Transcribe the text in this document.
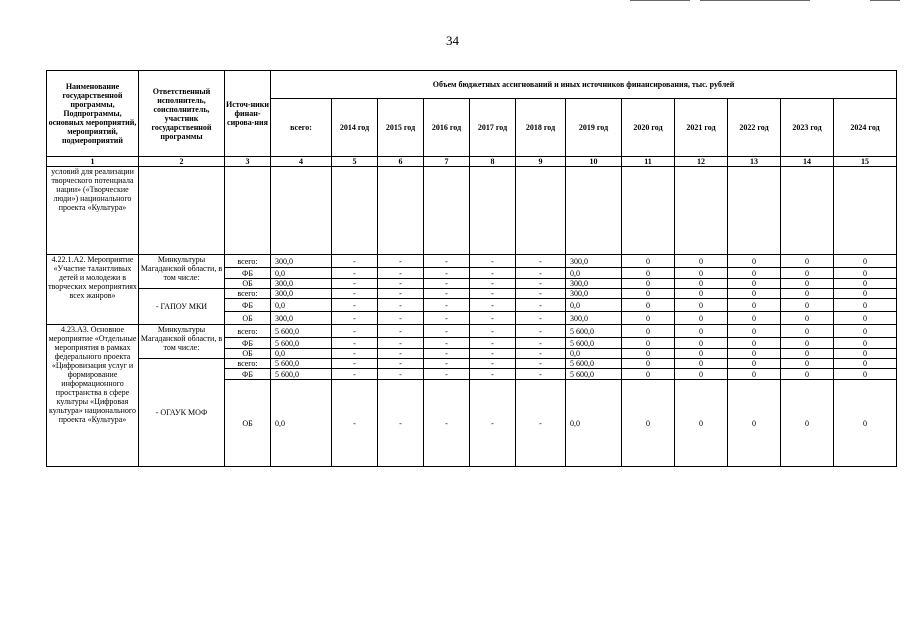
34
Наименование государственной программы, Подпрограммы, основных мероприятий, мероприятий, подмероприятий	Ответственный исполнитель, соисполнитель, участник государственной программы	Источ-ники финан-сирова-ния	Объем бюджетных ассигнований и иных источников финансирования, тыс. рублей											
			всего:	2014 год	2015 год	2016 год	2017 год	2018 год	2019 год	2020 год	2021 год	2022 год	2023 год	2024 год
1	2	3	4	5	6	7	8	9	10	11	12	13	14	15
условий для реализации творческого потенциала нации» («Творческие люди») национального проекта «Культура»														
4.22.1.А2. Мероприятие «Участие талантливых детей и молодежи в творческих мероприятиях всех жанров»	Минкультуры Магаданской области, в том числе:	всего:	300,0	-	-	-	-	-	300,0	0	0	0	0	0
		ФБ	0,0	-	-	-	-	-	0,0	0	0	0	0	0
		ОБ	300,0	-	-	-	-	-	300,0	0	0	0	0	0
	- ГАПОУ МКИ	всего:	300,0	-	-	-	-	-	300,0	0	0	0	0	0
		ФБ	0,0	-	-	-	-	-	0,0	0	0	0	0	0
		ОБ	300,0	-	-	-	-	-	300,0	0	0	0	0	0
4.23.А3. Основное мероприятие «Отдельные мероприятия в рамках федерального проекта «Цифровизация услуг и формирование информационного пространства в сфере культуры «Цифровая культура» национального проекта «Культура»	Минкультуры Магаданской области, в том числе:	всего:	5 600,0	-	-	-	-	-	5 600,0	0	0	0	0	0
		ФБ	5 600,0	-	-	-	-	-	5 600,0	0	0	0	0	0
		ОБ	0,0	-	-	-	-	-	0,0	0	0	0	0	0
	- ОГАУК МОФ	всего:	5 600,0	-	-	-	-	-	5 600,0	0	0	0	0	0
		ФБ	5 600,0	-	-	-	-	-	5 600,0	0	0	0	0	0
		ОБ	0,0	-	-	-	-	-	0,0	0	0	0	0	0
